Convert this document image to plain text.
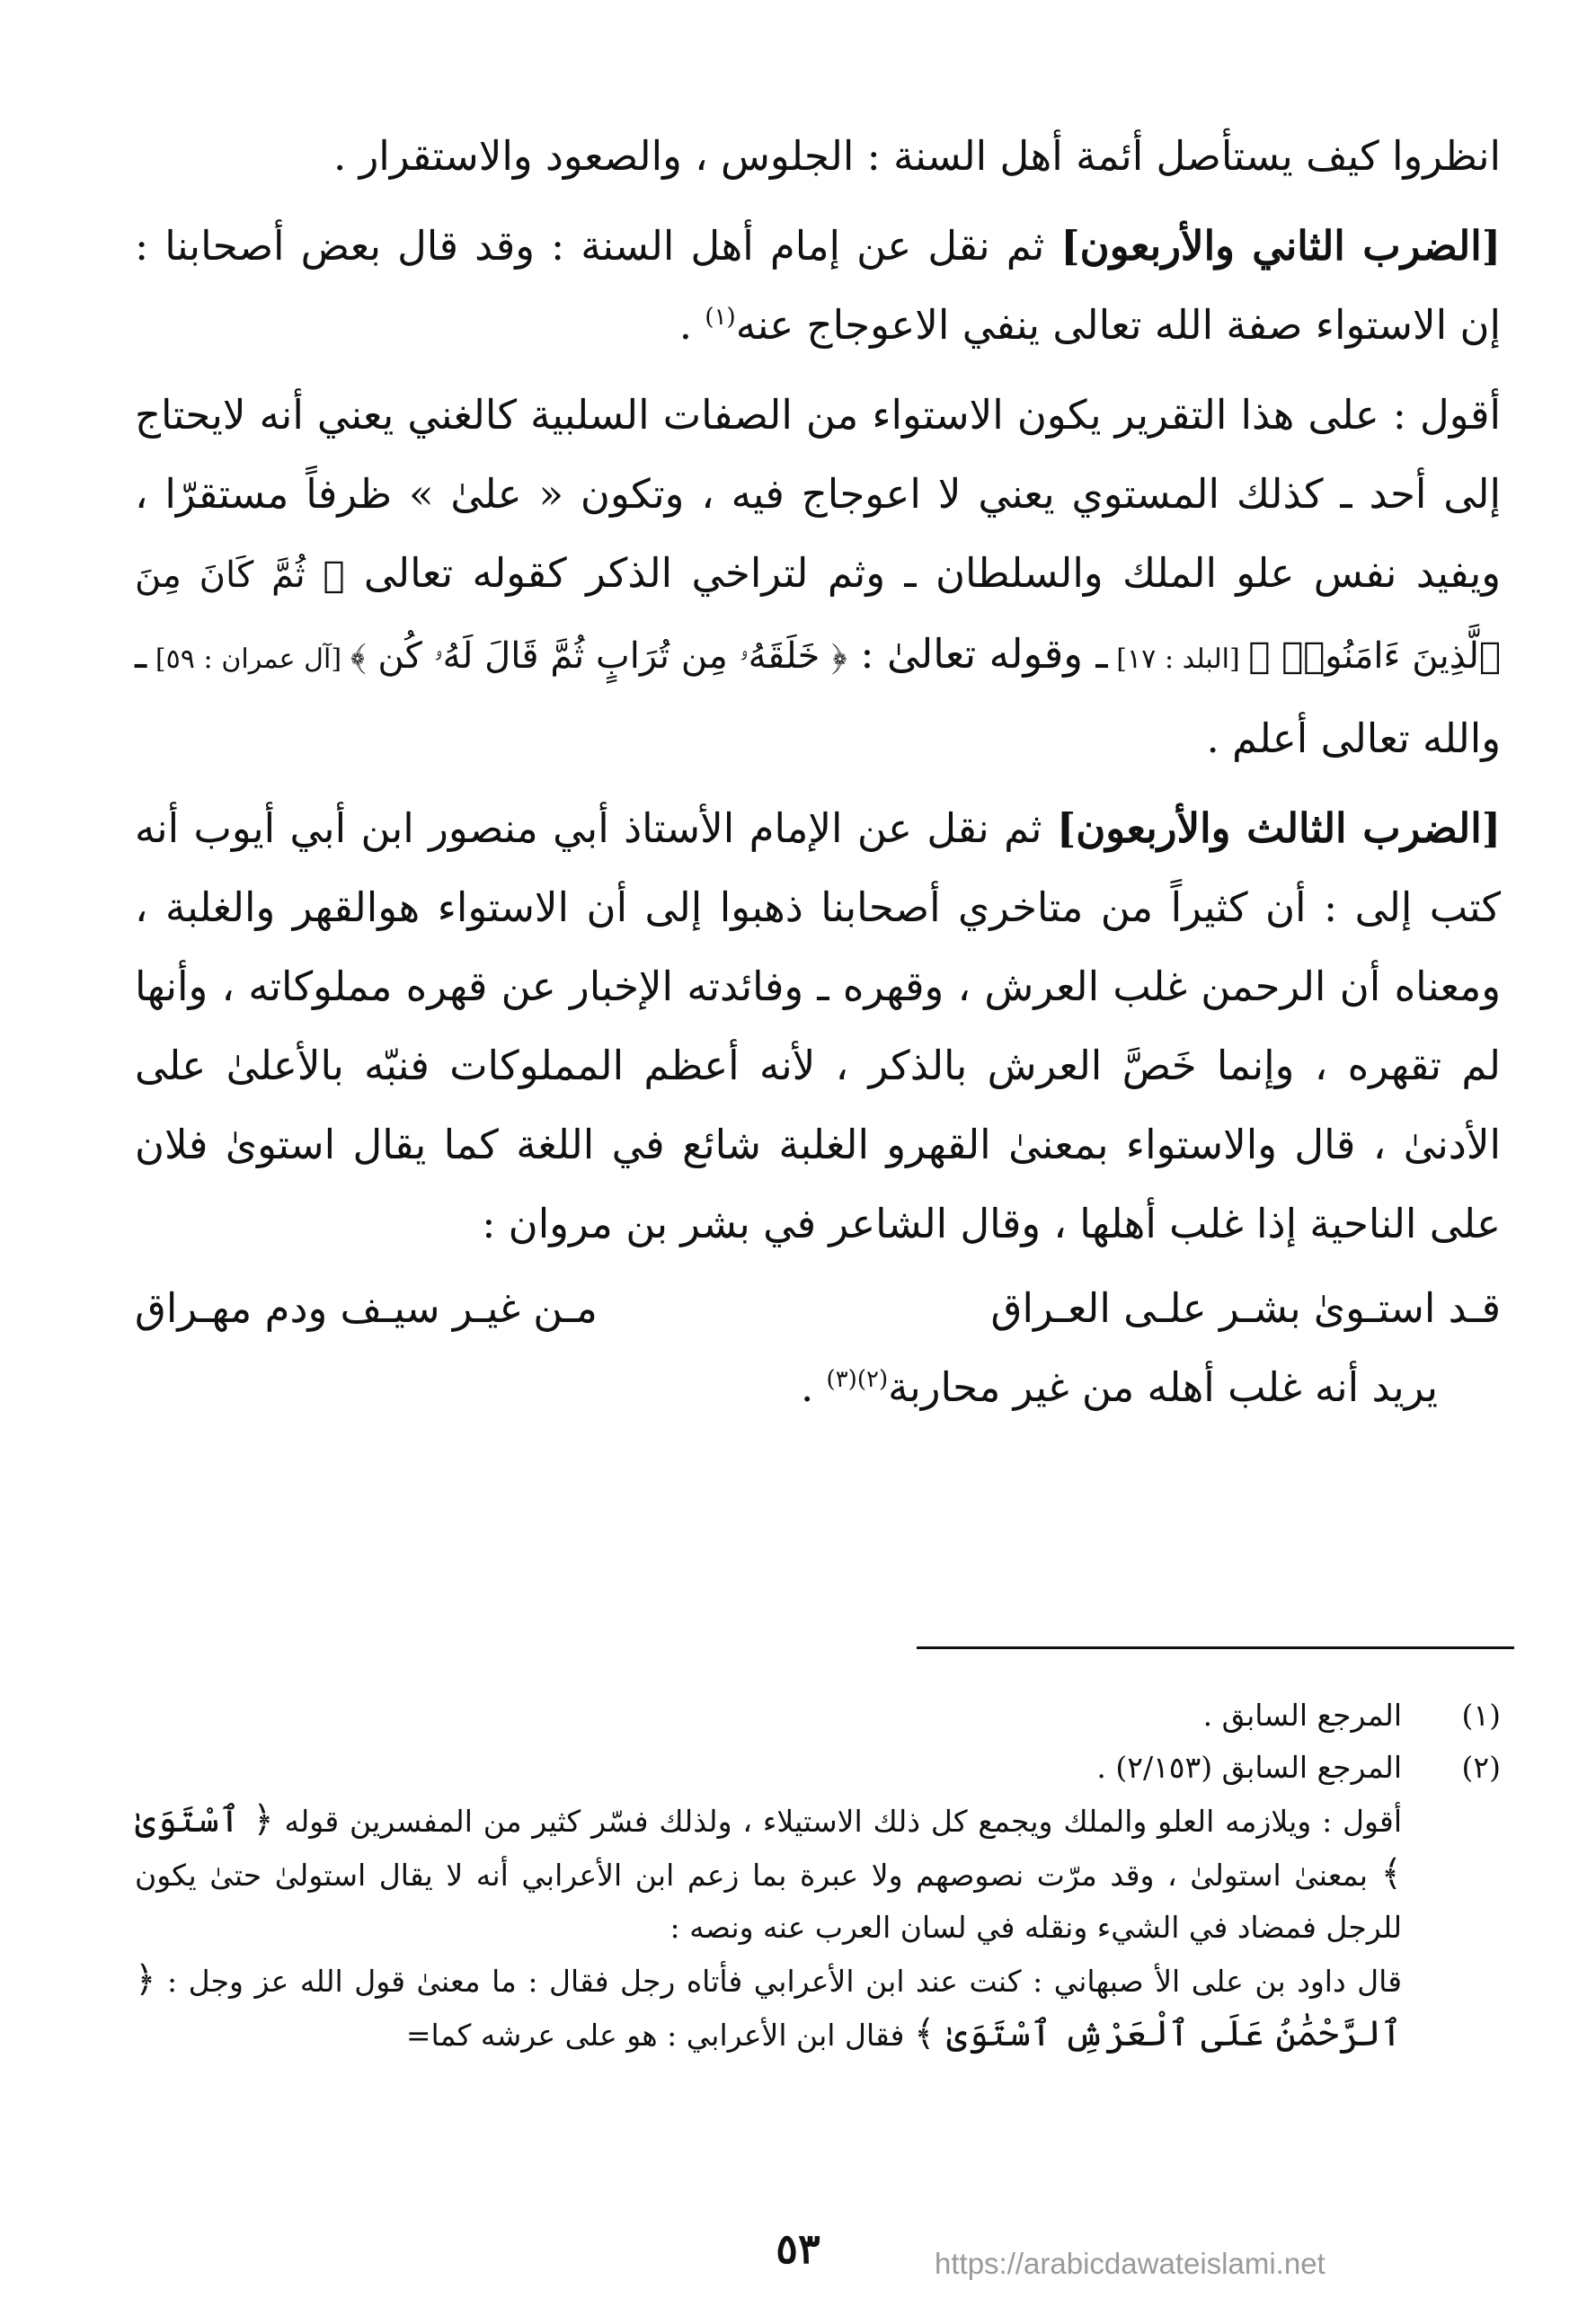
انظروا كيف يستأصل أئمة أهل السنة : الجلوس ، والصعود والاستقرار .

[الضرب الثاني والأربعون] ثم نقل عن إمام أهل السنة : وقد قال بعض أصحابنا : إن الاستواء صفة الله تعالى ينفي الاعوجاج عنه$^{(١)}$ .

أقول : على هذا التقرير يكون الاستواء من الصفات السلبية كالغني يعني أنه لايحتاج إلى أحد ـ كذلك المستوي يعني لا اعوجاج فيه ، وتكون « علىٰ » ظرفاً مستقرّا ، ويفيد نفس علو الملك والسلطان ـ وثم لتراخي الذكر كقوله تعالى ﴿ ثُمَّ كَانَ مِنَ ٱلَّذِينَ ءَامَنُوا۟ ﴾ [البلد : ١٧] ـ وقوله تعالىٰ : ﴿ خَلَقَهُۥ مِن تُرَابٍ ثُمَّ قَالَ لَهُۥ كُن ﴾ [آل عمران : ٥٩] ـ والله تعالى أعلم .

[الضرب الثالث والأربعون] ثم نقل عن الإمام الأستاذ أبي منصور ابن أبي أيوب أنه كتب إلى : أن كثيراً من متاخري أصحابنا ذهبوا إلى أن الاستواء هوالقهر والغلبة ، ومعناه أن الرحمن غلب العرش ، وقهره ـ وفائدته الإخبار عن قهره مملوكاته ، وأنها لم تقهره ، وإنما خَصَّ العرش بالذكر ، لأنه أعظم المملوكات فنبّه بالأعلىٰ على الأدنىٰ ، قال والاستواء بمعنىٰ القهرو الغلبة شائع في اللغة كما يقال استوىٰ فلان على الناحية إذا غلب أهلها ، وقال الشاعر في بشر بن مروان :

قـد استـوىٰ بشـر علـى العـراق
مـن غيـر سيـف ودم مهـراق

يريد أنه غلب أهله من غير محاربة$^{(٢)(٣)}$ .

(١)
المرجع السابق .
(٢)
المرجع السابق (٢/١٥٣) .

أقول : ويلازمه العلو والملك ويجمع كل ذلك الاستيلاء ، ولذلك فسّر كثير من المفسرين قوله ﴿ ٱسْتَوَىٰ ﴾ بمعنىٰ استولىٰ ، وقد مرّت نصوصهم ولا عبرة بما زعم ابن الأعرابي أنه لا يقال استولىٰ حتىٰ يكون للرجل فمضاد في الشيء ونقله في لسان العرب عنه ونصه :

قال داود بن على الأ صبهاني : كنت عند ابن الأعرابي فأتاه رجل فقال : ما معنىٰ قول الله عز وجل : ﴿ ٱلرَّحْمَٰنُ عَلَى ٱلْعَرْشِ ٱسْتَوَىٰ ﴾ فقال ابن الأعرابي : هو على عرشه كما=

٥٣	https://arabicdawateislami.net
